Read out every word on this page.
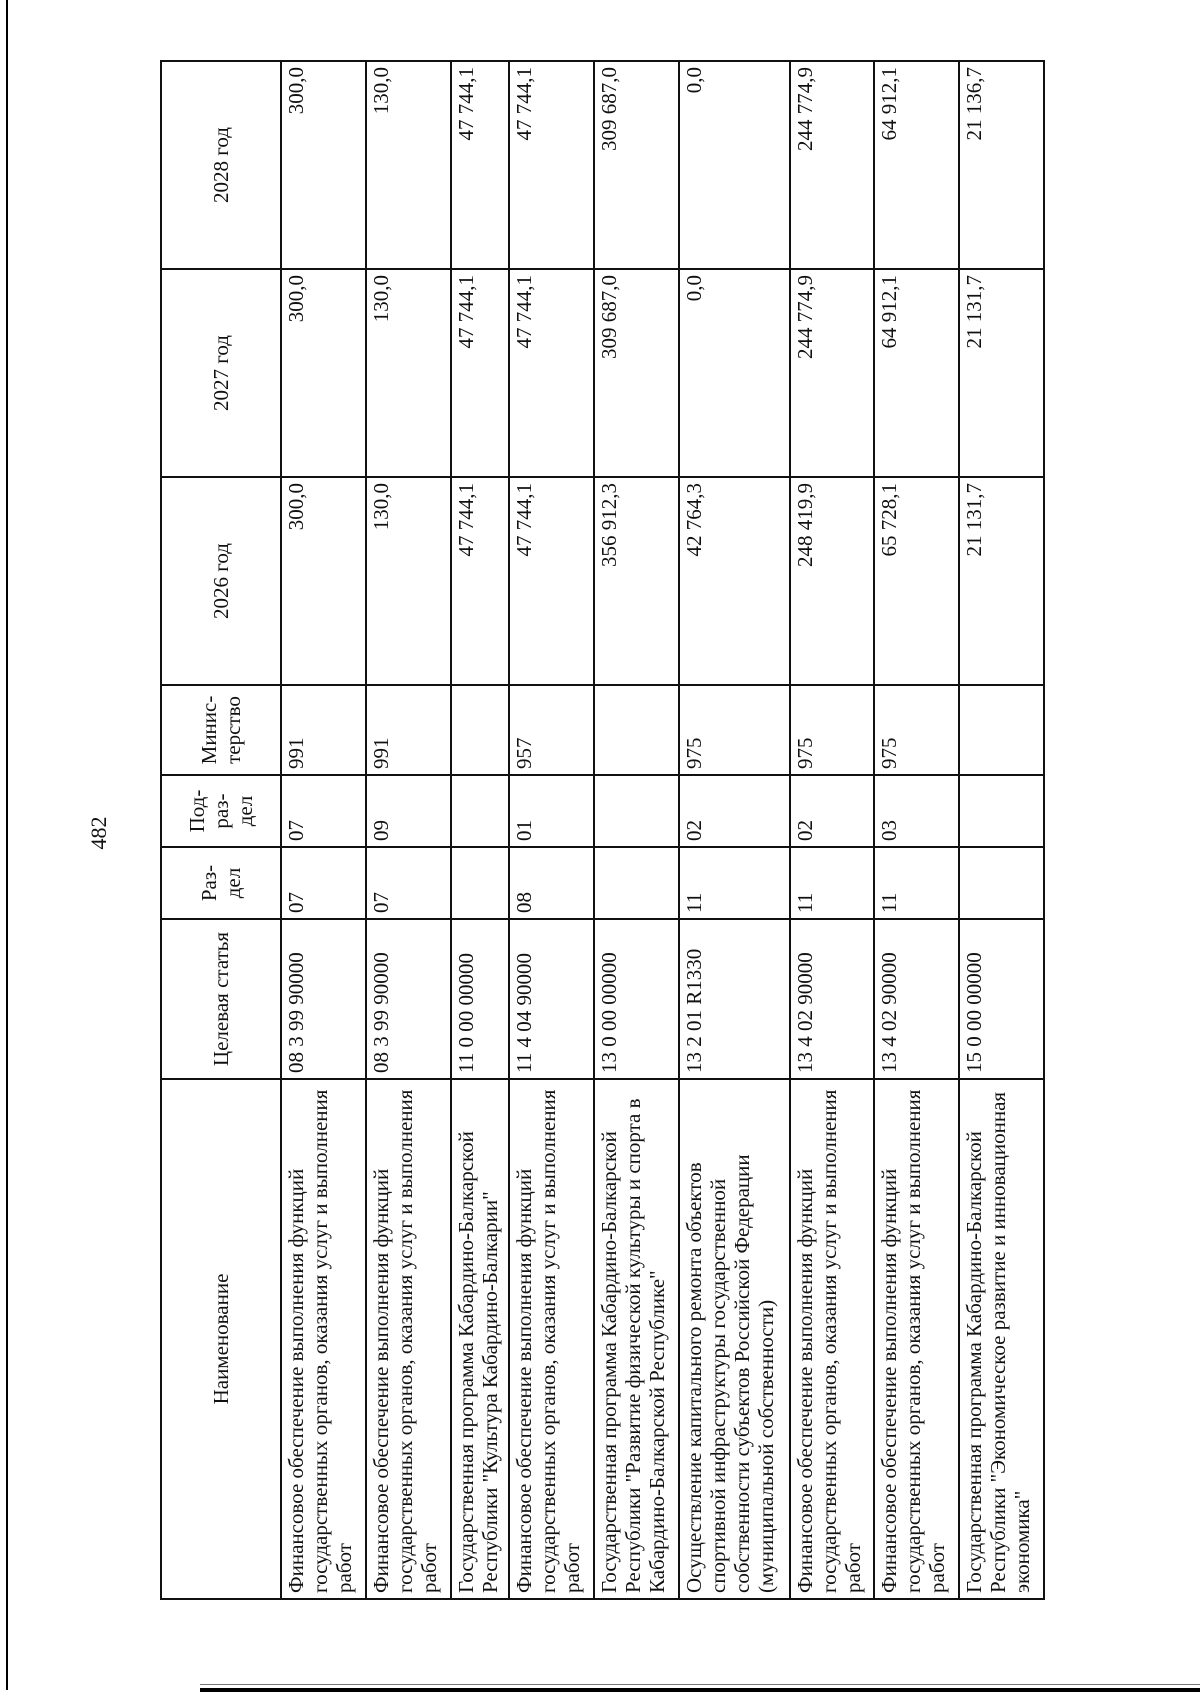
482
Наименование	Целевая статья	Раз-дел	Под-раз-дел	Минис-терство	2026 год	2027 год	2028 год
Финансовое обеспечение выполнения функций государственных органов, оказания услуг и выполнения работ	08 3 99 90000	07	07	991	300,0	300,0	300,0
Финансовое обеспечение выполнения функций государственных органов, оказания услуг и выполнения работ	08 3 99 90000	07	09	991	130,0	130,0	130,0
Государственная программа Кабардино-Балкарской Республики "Культура Кабардино-Балкарии"	11 0 00 00000				47 744,1	47 744,1	47 744,1
Финансовое обеспечение выполнения функций государственных органов, оказания услуг и выполнения работ	11 4 04 90000	08	01	957	47 744,1	47 744,1	47 744,1
Государственная программа Кабардино-Балкарской Республики "Развитие физической культуры и спорта в Кабардино-Балкарской Республике"	13 0 00 00000				356 912,3	309 687,0	309 687,0
Осуществление капитального ремонта объектов спортивной инфраструктуры государственной собственности субъектов Российской Федерации (муниципальной собственности)	13 2 01 R1330	11	02	975	42 764,3	0,0	0,0
Финансовое обеспечение выполнения функций государственных органов, оказания услуг и выполнения работ	13 4 02 90000	11	02	975	248 419,9	244 774,9	244 774,9
Финансовое обеспечение выполнения функций государственных органов, оказания услуг и выполнения работ	13 4 02 90000	11	03	975	65 728,1	64 912,1	64 912,1
Государственная программа Кабардино-Балкарской Республики "Экономическое развитие и инновационная экономика"	15 0 00 00000				21 131,7	21 131,7	21 136,7
